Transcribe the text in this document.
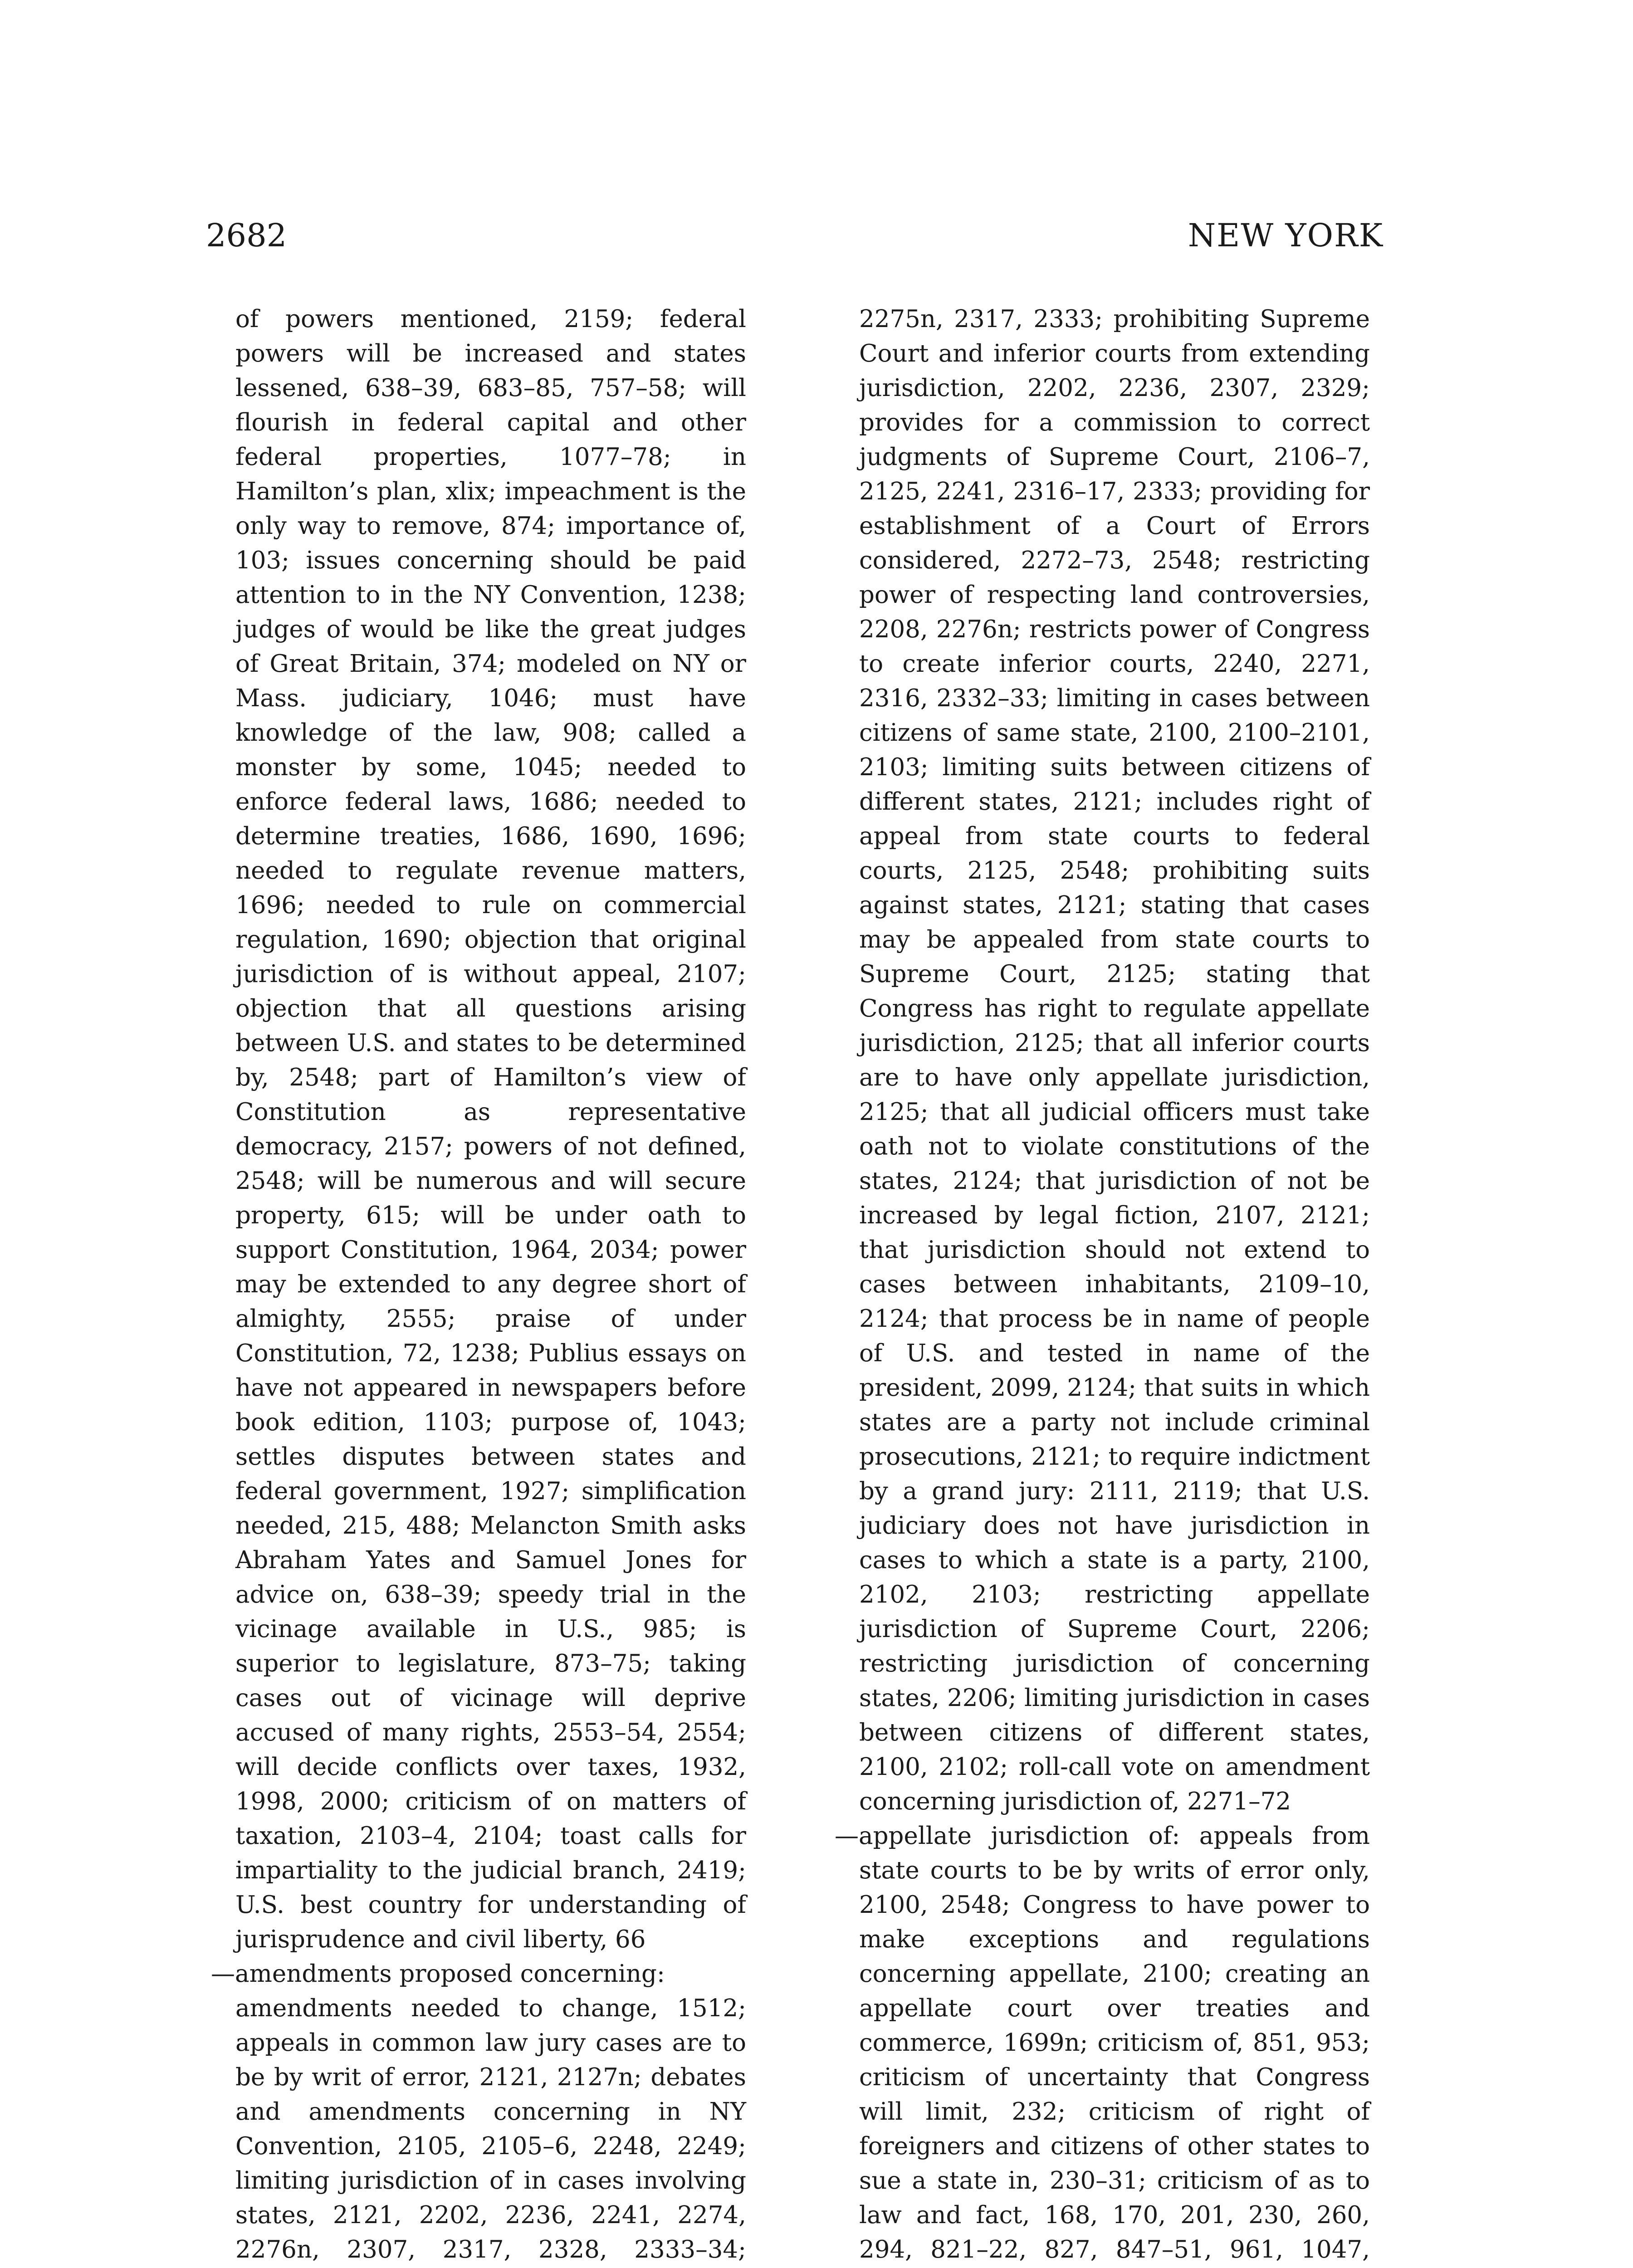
2682	NEW YORK

of powers mentioned, 2159; federal powers will be increased and states lessened, 638–39, 683–85, 757–58; will flourish in federal capital and other federal properties, 1077–78; in Hamilton’s plan, xlix; impeachment is the only way to remove, 874; importance of, 103; issues concerning should be paid attention to in the NY Convention, 1238; judges of would be like the great judges of Great Britain, 374; modeled on NY or Mass. judiciary, 1046; must have knowledge of the law, 908; called a monster by some, 1045; needed to enforce federal laws, 1686; needed to determine treaties, 1686, 1690, 1696; needed to regulate revenue matters, 1696; needed to rule on commercial regulation, 1690; objection that original jurisdiction of is without appeal, 2107; objection that all questions arising between U.S. and states to be determined by, 2548; part of Hamilton’s view of Constitution as representative democracy, 2157; powers of not defined, 2548; will be numerous and will secure property, 615; will be under oath to support Constitution, 1964, 2034; power may be extended to any degree short of almighty, 2555; praise of under Constitution, 72, 1238; Publius essays on have not appeared in newspapers before book edition, 1103; purpose of, 1043; settles disputes between states and federal government, 1927; simplification needed, 215, 488; Melancton Smith asks Abraham Yates and Samuel Jones for advice on, 638–39; speedy trial in the vicinage available in U.S., 985; is superior to legislature, 873–75; taking cases out of vicinage will deprive accused of many rights, 2553–54, 2554; will decide conflicts over taxes, 1932, 1998, 2000; criticism of on matters of taxation, 2103–4, 2104; toast calls for impartiality to the judicial branch, 2419; U.S. best country for understanding of jurisprudence and civil liberty, 66

—amendments proposed concerning:

amendments needed to change, 1512; appeals in common law jury cases are to be by writ of error, 2121, 2127n; debates and amendments concerning in NY Convention, 2105, 2105–6, 2248, 2249; limiting jurisdiction of in cases involving states, 2121, 2202, 2236, 2241, 2274, 2276n, 2307, 2317, 2328, 2333–34;

2275n, 2317, 2333; prohibiting Supreme Court and inferior courts from extending jurisdiction, 2202, 2236, 2307, 2329; provides for a commission to correct judgments of Supreme Court, 2106–7, 2125, 2241, 2316–17, 2333; providing for establishment of a Court of Errors considered, 2272–73, 2548; restricting power of respecting land controversies, 2208, 2276n; restricts power of Congress to create inferior courts, 2240, 2271, 2316, 2332–33; limiting in cases between citizens of same state, 2100, 2100–2101, 2103; limiting suits between citizens of different states, 2121; includes right of appeal from state courts to federal courts, 2125, 2548; prohibiting suits against states, 2121; stating that cases may be appealed from state courts to Supreme Court, 2125; stating that Congress has right to regulate appellate jurisdiction, 2125; that all inferior courts are to have only appellate jurisdiction, 2125; that all judicial officers must take oath not to violate constitutions of the states, 2124; that jurisdiction of not be increased by legal fiction, 2107, 2121; that jurisdiction should not extend to cases between inhabitants, 2109–10, 2124; that process be in name of people of U.S. and tested in name of the president, 2099, 2124; that suits in which states are a party not include criminal prosecutions, 2121; to require indictment by a grand jury: 2111, 2119; that U.S. judiciary does not have jurisdiction in cases to which a state is a party, 2100, 2102, 2103; restricting appellate jurisdiction of Supreme Court, 2206; restricting jurisdiction of concerning states, 2206; limiting jurisdiction in cases between citizens of different states, 2100, 2102; roll-call vote on amendment concerning jurisdiction of, 2271–72

—appellate jurisdiction of: appeals from state courts to be by writs of error only, 2100, 2548; Congress to have power to make exceptions and regulations concerning appellate, 2100; creating an appellate court over treaties and commerce, 1699n; criticism of, 851, 953; criticism of uncertainty that Congress will limit, 232; criticism of right of foreigners and citizens of other states to sue a state in, 230–31; criticism of as to law and fact, 168, 170, 201, 230, 260, 294, 821–22, 827, 847–51, 961, 1047,
